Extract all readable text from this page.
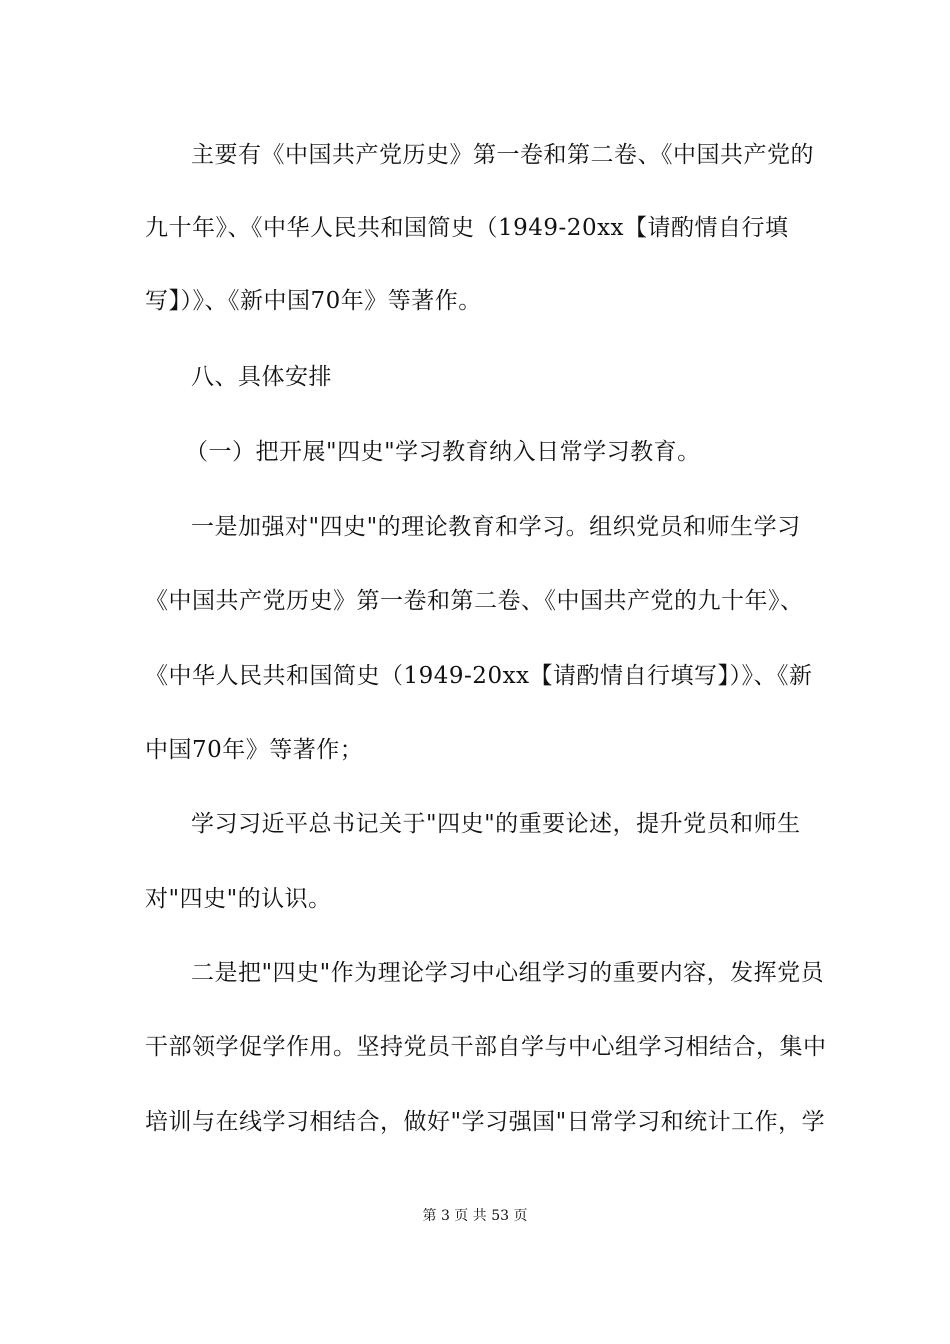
主要有《中国共产党历史》第一卷和第二卷、《中国共产党的
九十年》、《中华人民共和国简史（1949-20xx【请酌情自行填
写】）》、《新中国70年》等著作。
八、具体安排
（一）把开展"四史"学习教育纳入日常学习教育。
一是加强对"四史"的理论教育和学习。组织党员和师生学习
《中国共产党历史》第一卷和第二卷、《中国共产党的九十年》、
《中华人民共和国简史（1949-20xx【请酌情自行填写】）》、《新
中国70年》等著作；
学习习近平总书记关于"四史"的重要论述，提升党员和师生
对"四史"的认识。
二是把"四史"作为理论学习中心组学习的重要内容，发挥党员
干部领学促学作用。坚持党员干部自学与中心组学习相结合，集中
培训与在线学习相结合，做好"学习强国"日常学习和统计工作，学
第 3 页 共 53 页
